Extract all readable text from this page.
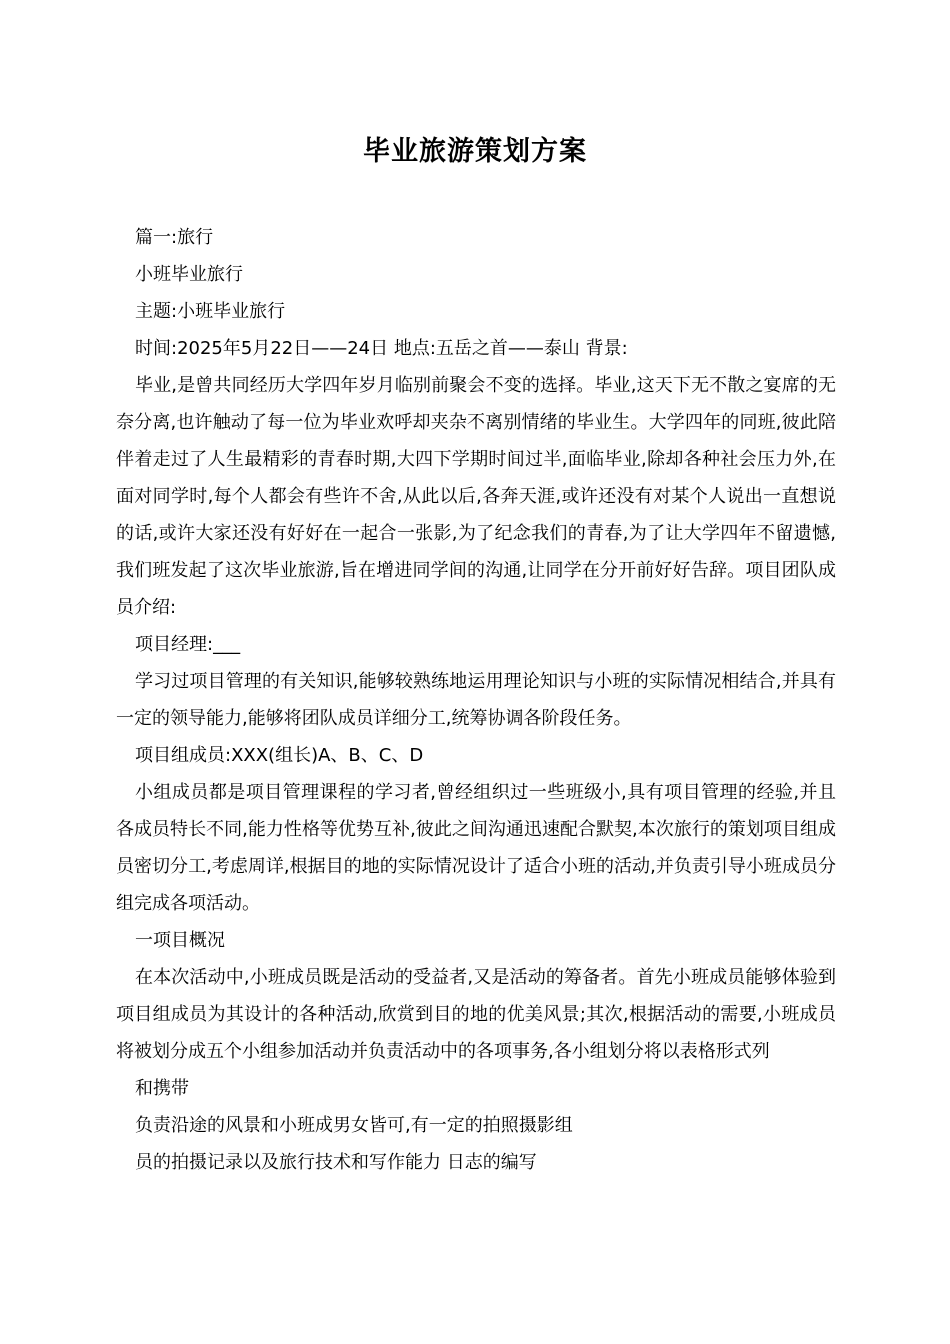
毕业旅游策划方案

篇一:旅行

小班毕业旅行

主题:小班毕业旅行

时间:2025年5月22日——24日 地点:五岳之首——泰山 背景:

毕业,是曾共同经历大学四年岁月临别前聚会不变的选择。毕业,这天下无不散之宴席的无奈分离,也许触动了每一位为毕业欢呼却夹杂不离别情绪的毕业生。大学四年的同班,彼此陪伴着走过了人生最精彩的青春时期,大四下学期时间过半,面临毕业,除却各种社会压力外,在面对同学时,每个人都会有些许不舍,从此以后,各奔天涯,或许还没有对某个人说出一直想说的话,或许大家还没有好好在一起合一张影,为了纪念我们的青春,为了让大学四年不留遗憾,我们班发起了这次毕业旅游,旨在增进同学间的沟通,让同学在分开前好好告辞。项目团队成员介绍:

项目经理:___

学习过项目管理的有关知识,能够较熟练地运用理论知识与小班的实际情况相结合,并具有一定的领导能力,能够将团队成员详细分工,统筹协调各阶段任务。

项目组成员:XXX(组长)A、B、C、D

小组成员都是项目管理课程的学习者,曾经组织过一些班级小,具有项目管理的经验,并且各成员特长不同,能力性格等优势互补,彼此之间沟通迅速配合默契,本次旅行的策划项目组成员密切分工,考虑周详,根据目的地的实际情况设计了适合小班的活动,并负责引导小班成员分组完成各项活动。

一项目概况

在本次活动中,小班成员既是活动的受益者,又是活动的筹备者。首先小班成员能够体验到项目组成员为其设计的各种活动,欣赏到目的地的优美风景;其次,根据活动的需要,小班成员将被划分成五个小组参加活动并负责活动中的各项事务,各小组划分将以表格形式列

和携带

负责沿途的风景和小班成男女皆可,有一定的拍照摄影组

员的拍摄记录以及旅行技术和写作能力 日志的编写
